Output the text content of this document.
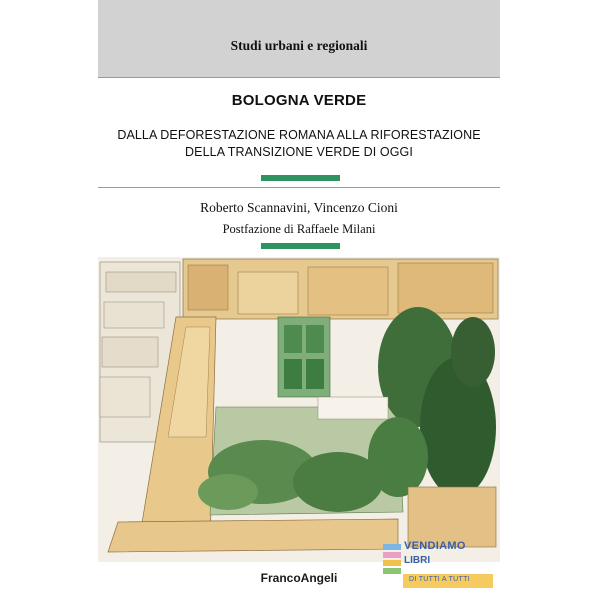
Studi urbani e regionali
BOLOGNA VERDE
DALLA DEFORESTAZIONE ROMANA ALLA RIFORESTAZIONE
DELLA TRANSIZIONE VERDE DI OGGI
Roberto Scannavini, Vincenzo Cioni
Postfazione di Raffaele Milani
FrancoAngeli
VENDIAMO
LIBRI
DI TUTTI A TUTTI
